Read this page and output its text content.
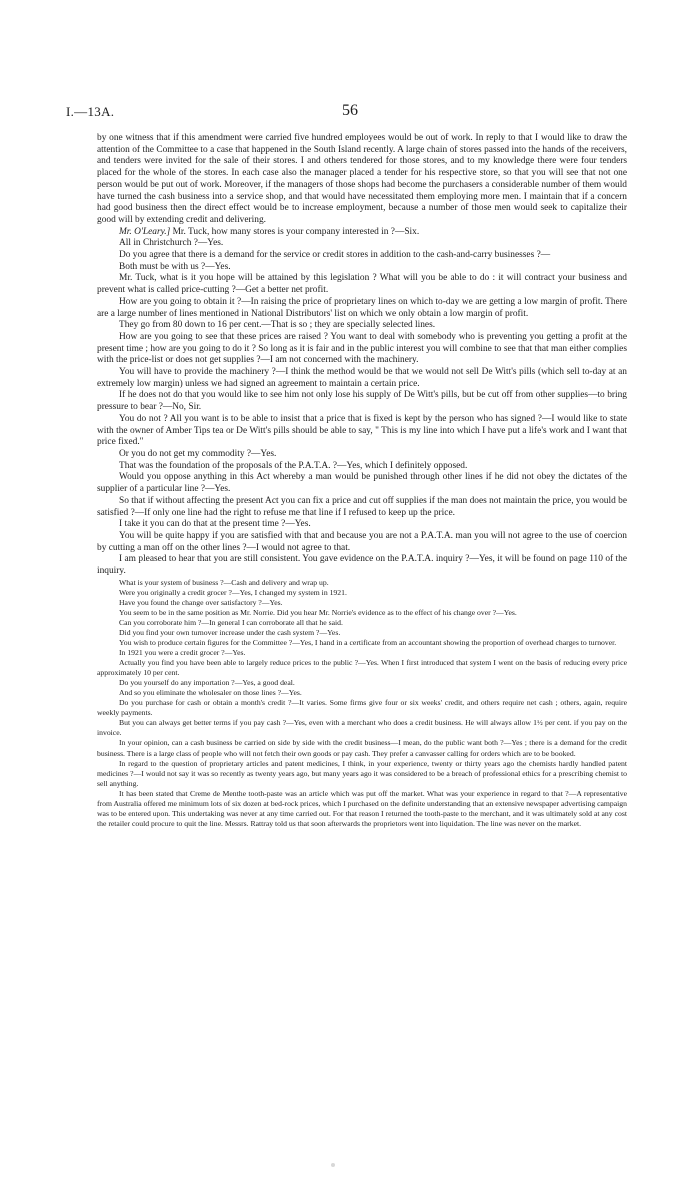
I.—13A.	56

by one witness that if this amendment were carried five hundred employees would be out of work. In reply to that I would like to draw the attention of the Committee to a case that happened in the South Island recently. A large chain of stores passed into the hands of the receivers, and tenders were invited for the sale of their stores. I and others tendered for those stores, and to my knowledge there were four tenders placed for the whole of the stores. In each case also the manager placed a tender for his respective store, so that you will see that not one person would be put out of work. Moreover, if the managers of those shops had become the purchasers a considerable number of them would have turned the cash business into a service shop, and that would have necessitated them employing more men. I maintain that if a concern had good business then the direct effect would be to increase employment, because a number of those men would seek to capitalize their good will by extending credit and delivering.

Mr. O'Leary.] Mr. Tuck, how many stores is your company interested in ?—Six.

All in Christchurch ?—Yes.

Do you agree that there is a demand for the service or credit stores in addition to the cash-and-carry businesses ?—

Both must be with us ?—Yes.

Mr. Tuck, what is it you hope will be attained by this legislation ? What will you be able to do : it will contract your business and prevent what is called price-cutting ?—Get a better net profit.

How are you going to obtain it ?—In raising the price of proprietary lines on which to-day we are getting a low margin of profit. There are a large number of lines mentioned in National Distributors' list on which we only obtain a low margin of profit.

They go from 80 down to 16 per cent.—That is so ; they are specially selected lines.

How are you going to see that these prices are raised ? You want to deal with somebody who is preventing you getting a profit at the present time ; how are you going to do it ? So long as it is fair and in the public interest you will combine to see that that man either complies with the price-list or does not get supplies ?—I am not concerned with the machinery.

You will have to provide the machinery ?—I think the method would be that we would not sell De Witt's pills (which sell to-day at an extremely low margin) unless we had signed an agreement to maintain a certain price.

If he does not do that you would like to see him not only lose his supply of De Witt's pills, but be cut off from other supplies—to bring pressure to bear ?—No, Sir.

You do not ? All you want is to be able to insist that a price that is fixed is kept by the person who has signed ?—I would like to state with the owner of Amber Tips tea or De Witt's pills should be able to say, " This is my line into which I have put a life's work and I want that price fixed."

Or you do not get my commodity ?—Yes.

That was the foundation of the proposals of the P.A.T.A. ?—Yes, which I definitely opposed.

Would you oppose anything in this Act whereby a man would be punished through other lines if he did not obey the dictates of the supplier of a particular line ?—Yes.

So that if without affecting the present Act you can fix a price and cut off supplies if the man does not maintain the price, you would be satisfied ?—If only one line had the right to refuse me that line if I refused to keep up the price.

I take it you can do that at the present time ?—Yes.

You will be quite happy if you are satisfied with that and because you are not a P.A.T.A. man you will not agree to the use of coercion by cutting a man off on the other lines ?—I would not agree to that.

I am pleased to hear that you are still consistent. You gave evidence on the P.A.T.A. inquiry ?—Yes, it will be found on page 110 of the inquiry.

What is your system of business ?—Cash and delivery and wrap up.

Were you originally a credit grocer ?—Yes, I changed my system in 1921.

Have you found the change over satisfactory ?—Yes.

You seem to be in the same position as Mr. Norrie. Did you hear Mr. Norrie's evidence as to the effect of his change over ?—Yes.

Can you corroborate him ?—In general I can corroborate all that he said.

Did you find your own turnover increase under the cash system ?—Yes.

You wish to produce certain figures for the Committee ?—Yes, I hand in a certificate from an accountant showing the proportion of overhead charges to turnover.

In 1921 you were a credit grocer ?—Yes.

Actually you find you have been able to largely reduce prices to the public ?—Yes. When I first introduced that system I went on the basis of reducing every price approximately 10 per cent.

Do you yourself do any importation ?—Yes, a good deal.

And so you eliminate the wholesaler on those lines ?—Yes.

Do you purchase for cash or obtain a month's credit ?—It varies. Some firms give four or six weeks' credit, and others require net cash ; others, again, require weekly payments.

But you can always get better terms if you pay cash ?—Yes, even with a merchant who does a credit business. He will always allow 1½ per cent. if you pay on the invoice.

In your opinion, can a cash business be carried on side by side with the credit business—I mean, do the public want both ?—Yes ; there is a demand for the credit business. There is a large class of people who will not fetch their own goods or pay cash. They prefer a canvasser calling for orders which are to be booked.

In regard to the question of proprietary articles and patent medicines, I think, in your experience, twenty or thirty years ago the chemists hardly handled patent medicines ?—I would not say it was so recently as twenty years ago, but many years ago it was considered to be a breach of professional ethics for a prescribing chemist to sell anything.

It has been stated that Creme de Menthe tooth-paste was an article which was put off the market. What was your experience in regard to that ?—A representative from Australia offered me minimum lots of six dozen at bed-rock prices, which I purchased on the definite understanding that an extensive newspaper advertising campaign was to be entered upon. This undertaking was never at any time carried out. For that reason I returned the tooth-paste to the merchant, and it was ultimately sold at any cost the retailer could procure to quit the line. Messrs. Rattray told us that soon afterwards the proprietors went into liquidation. The line was never on the market.
